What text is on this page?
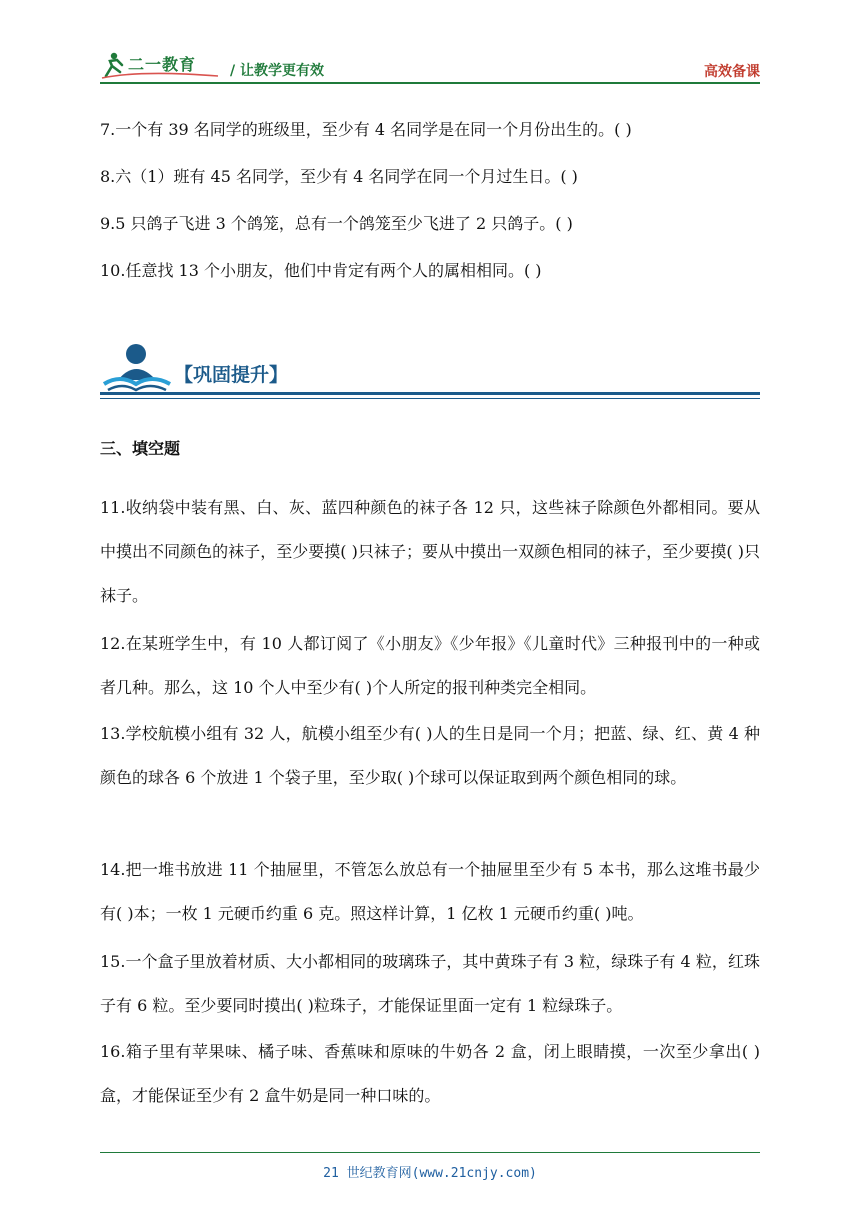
二一教育 / 让教学更有效	高效备课
7.一个有 39 名同学的班级里，至少有 4 名同学是在同一个月份出生的。( )
8.六（1）班有 45 名同学，至少有 4 名同学在同一个月过生日。( )
9.5 只鸽子飞进 3 个鸽笼，总有一个鸽笼至少飞进了 2 只鸽子。( )
10.任意找 13 个小朋友，他们中肯定有两个人的属相相同。( )
【巩固提升】
三、填空题
11.收纳袋中装有黑、白、灰、蓝四种颜色的袜子各 12 只，这些袜子除颜色外都相同。要从中摸出不同颜色的袜子，至少要摸( )只袜子；要从中摸出一双颜色相同的袜子，至少要摸( )只袜子。
12.在某班学生中，有 10 人都订阅了《小朋友》《少年报》《儿童时代》三种报刊中的一种或者几种。那么，这 10 个人中至少有( )个人所定的报刊种类完全相同。
13.学校航模小组有 32 人，航模小组至少有( )人的生日是同一个月；把蓝、绿、红、黄 4 种颜色的球各 6 个放进 1 个袋子里，至少取( )个球可以保证取到两个颜色相同的球。
14.把一堆书放进 11 个抽屉里，不管怎么放总有一个抽屉里至少有 5 本书，那么这堆书最少有( )本；一枚 1 元硬币约重 6 克。照这样计算，1 亿枚 1 元硬币约重( )吨。
15.一个盒子里放着材质、大小都相同的玻璃珠子，其中黄珠子有 3 粒，绿珠子有 4 粒，红珠子有 6 粒。至少要同时摸出( )粒珠子，才能保证里面一定有 1 粒绿珠子。
16.箱子里有苹果味、橘子味、香蕉味和原味的牛奶各 2 盒，闭上眼睛摸，一次至少拿出( )盒，才能保证至少有 2 盒牛奶是同一种口味的。
21 世纪教育网(www.21cnjy.com)
